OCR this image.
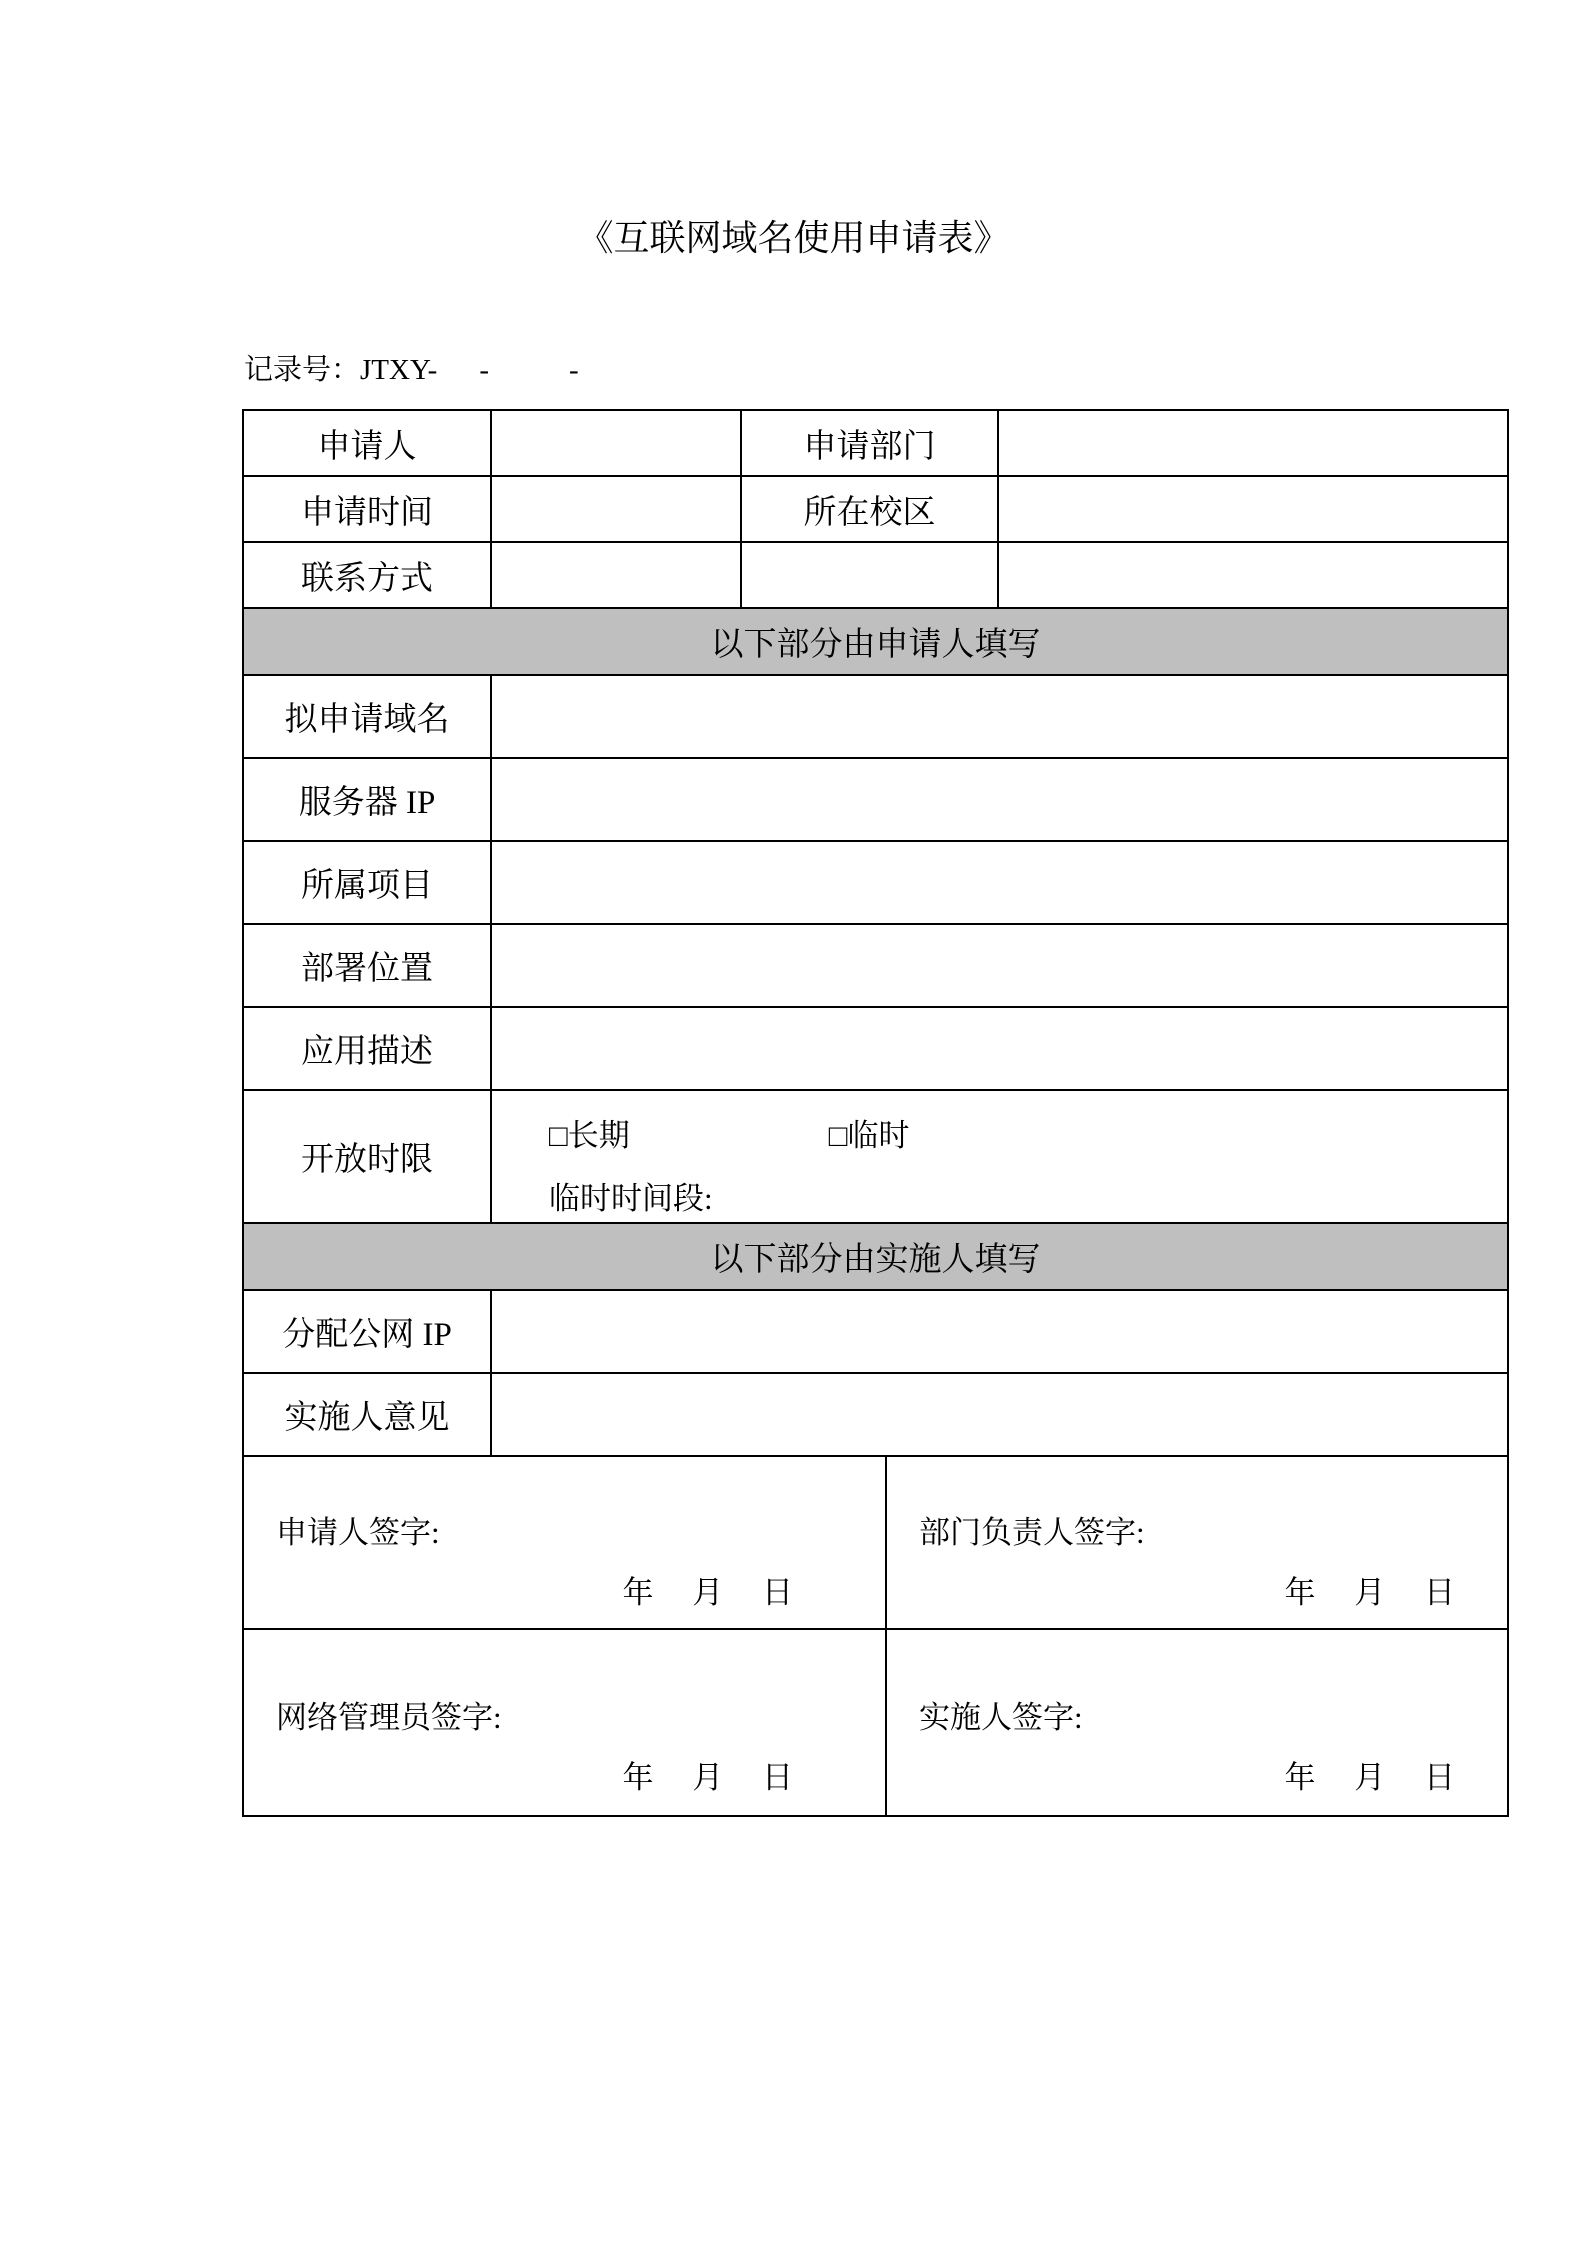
《互联网域名使用申请表》
记录号：JTXY- -	-
申请人		申请部门		
申请时间		所在校区		
联系方式				
以下部分由申请人填写				
拟申请域名				
服务器 IP				
所属项目				
部署位置				
应用描述				
开放时限	□长期 □临时
临时时间段:			

以下部分由实施人填写				
分配公网 IP				
实施人意见				

申请人签字:
年　 月　 日

部门负责人签字:
年　 月　 日

网络管理员签字:
年　 月　 日

实施人签字:
年　 月　 日
